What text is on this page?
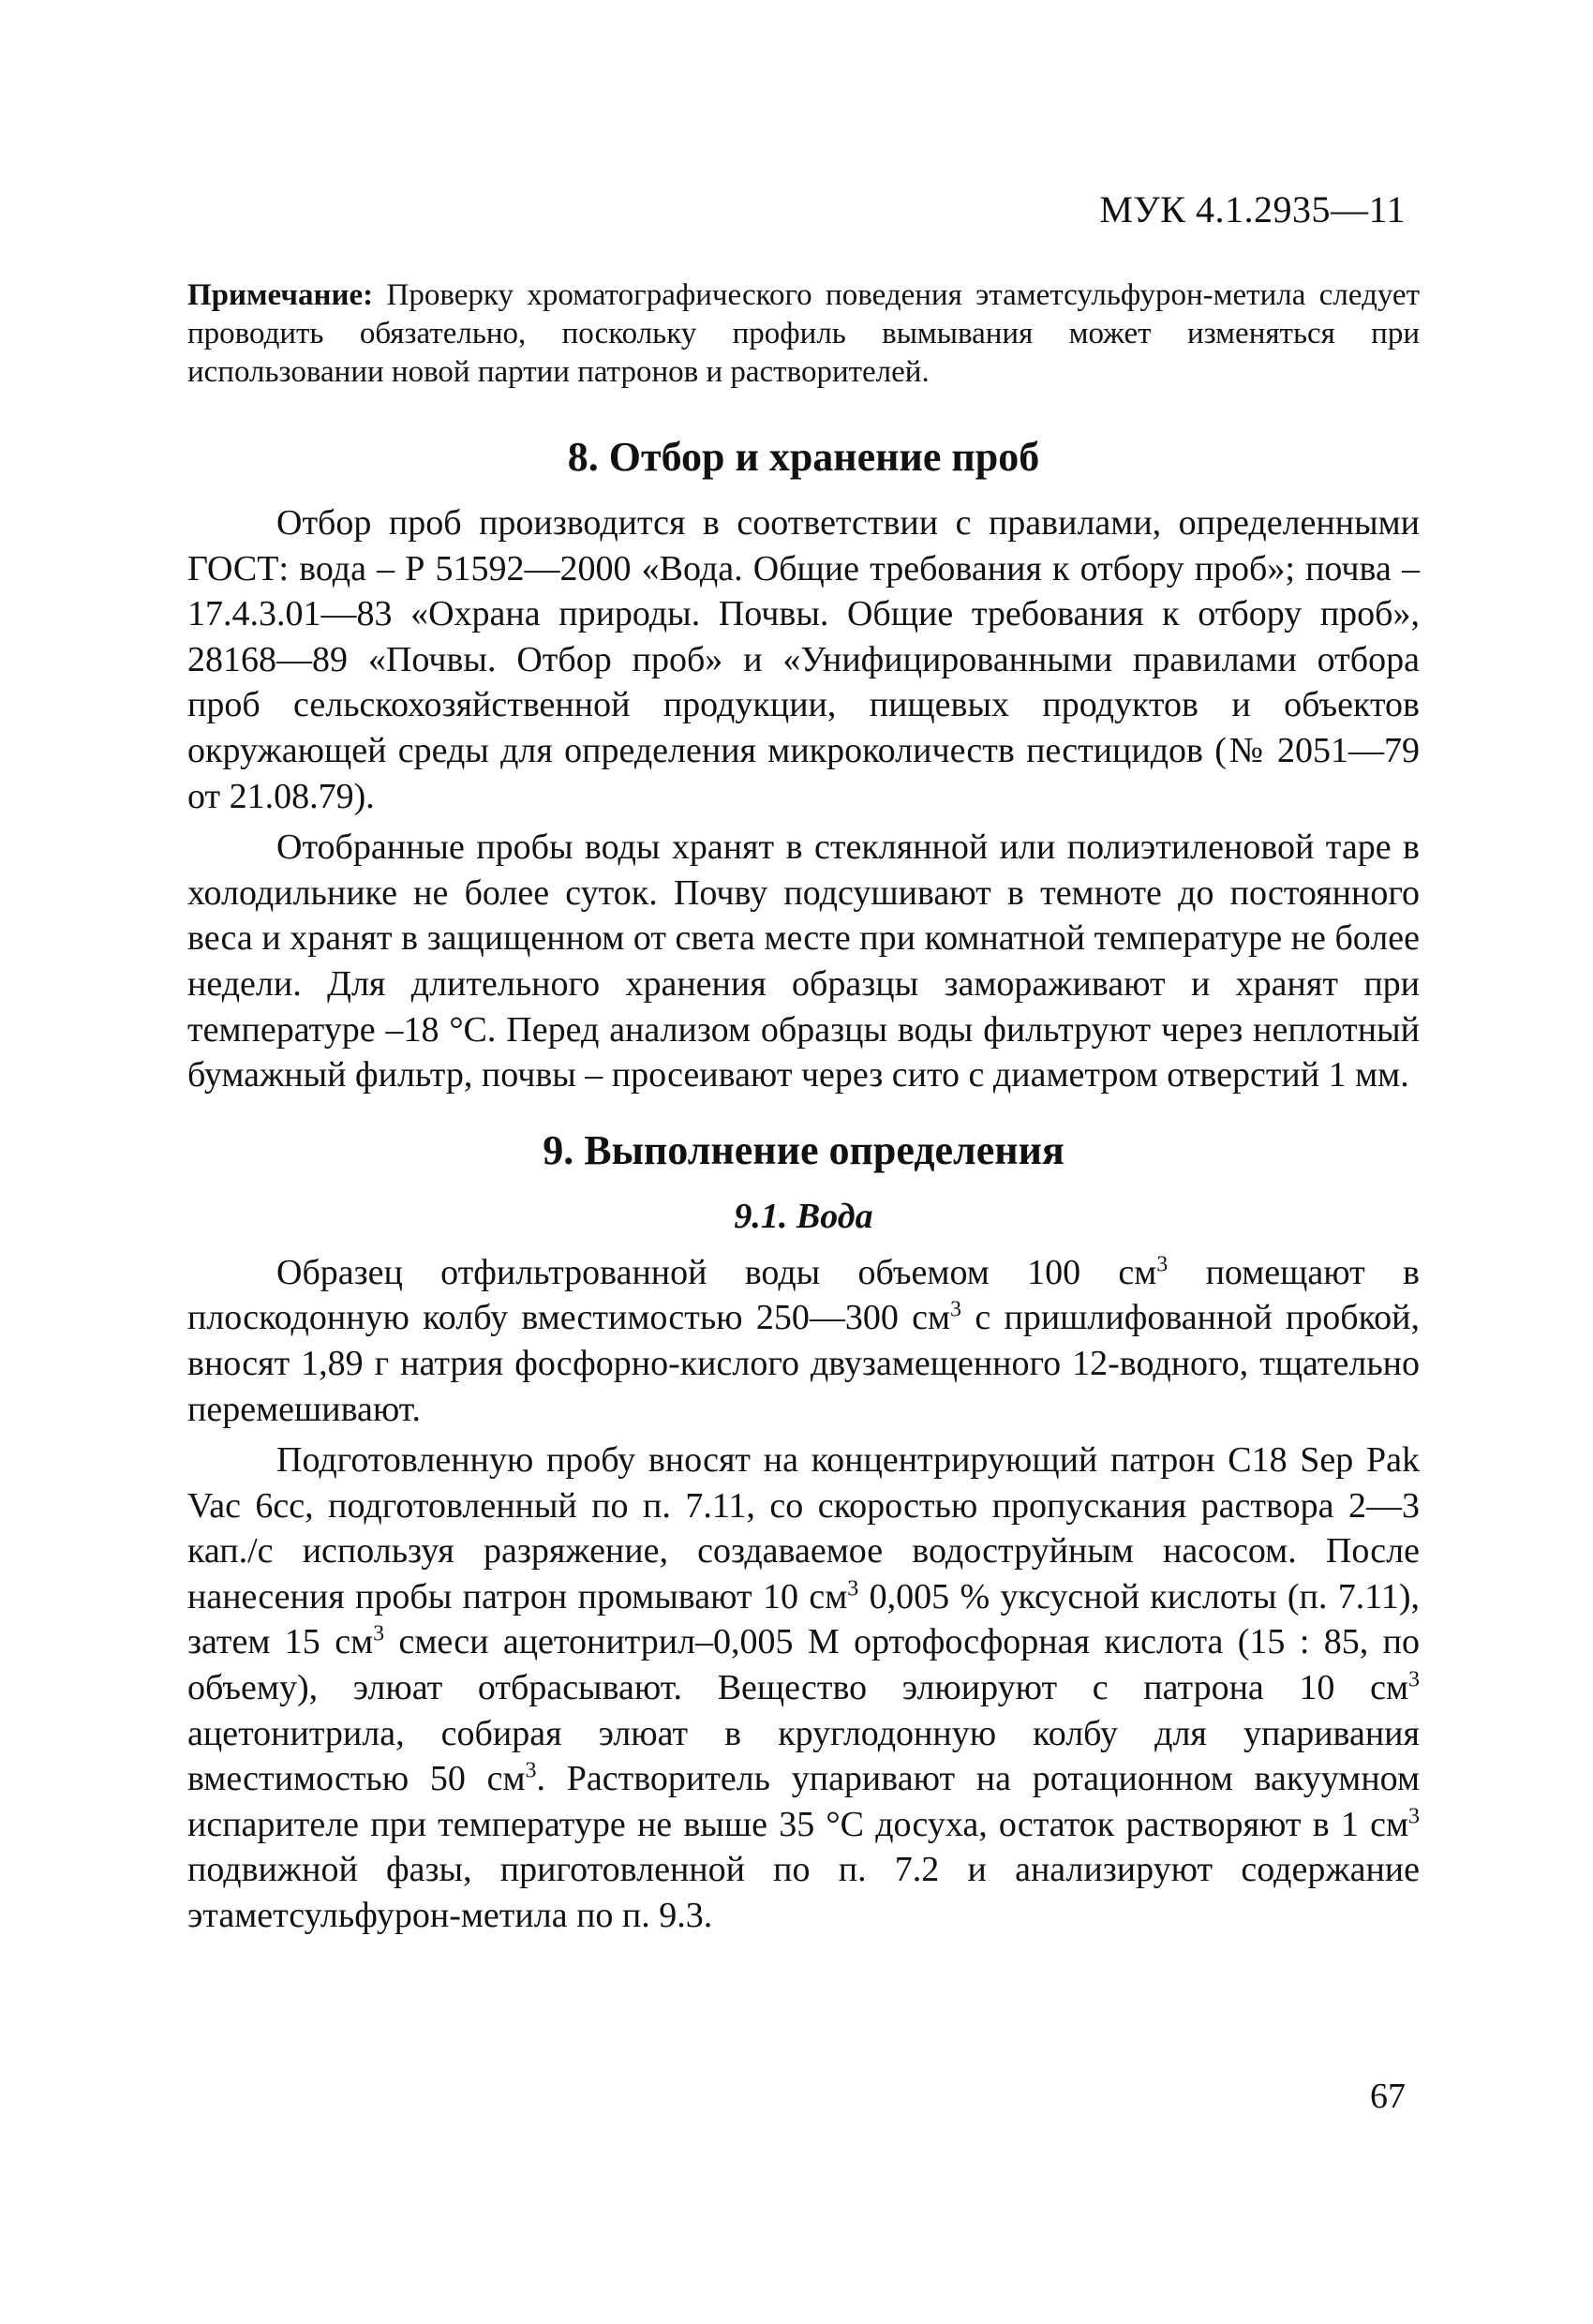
МУК 4.1.2935—11

Примечание: Проверку хроматографического поведения этаметсульфурон-метила следует проводить обязательно, поскольку профиль вымывания может изменяться при использовании новой партии патронов и растворителей.

8. Отбор и хранение проб

Отбор проб производится в соответствии с правилами, определенными ГОСТ: вода – Р 51592—2000 «Вода. Общие требования к отбору проб»; почва – 17.4.3.01—83 «Охрана природы. Почвы. Общие требования к отбору проб», 28168—89 «Почвы. Отбор проб» и «Унифицированными правилами отбора проб сельскохозяйственной продукции, пищевых продуктов и объектов окружающей среды для определения микроколичеств пестицидов (№ 2051—79 от 21.08.79).

Отобранные пробы воды хранят в стеклянной или полиэтиленовой таре в холодильнике не более суток. Почву подсушивают в темноте до постоянного веса и хранят в защищенном от света месте при комнатной температуре не более недели. Для длительного хранения образцы замораживают и хранят при температуре –18 °С. Перед анализом образцы воды фильтруют через неплотный бумажный фильтр, почвы – просеивают через сито с диаметром отверстий 1 мм.

9. Выполнение определения
9.1. Вода

Образец отфильтрованной воды объемом 100 $см^3$ помещают в плоскодонную колбу вместимостью 250—300 $см^3$ с пришлифованной пробкой, вносят 1,89 г натрия фосфорно-кислого двузамещенного 12-водного, тщательно перемешивают.

Подготовленную пробу вносят на концентрирующий патрон С18 Sep Pak Vac 6cc, подготовленный по п. 7.11, со скоростью пропускания раствора 2—3 кап./с используя разряжение, создаваемое водоструйным насосом. После нанесения пробы патрон промывают 10 $см^3$ 0,005 % уксусной кислоты (п. 7.11), затем 15 $см^3$ смеси ацетонитрил–0,005 М ортофосфорная кислота (15 : 85, по объему), элюат отбрасывают. Вещество элюируют с патрона 10 $см^3$ ацетонитрила, собирая элюат в круглодонную колбу для упаривания вместимостью 50 $см^3$. Растворитель упаривают на ротационном вакуумном испарителе при температуре не выше 35 °С досуха, остаток растворяют в 1 $см^3$ подвижной фазы, приготовленной по п. 7.2 и анализируют содержание этаметсульфурон-метила по п. 9.3.

67
